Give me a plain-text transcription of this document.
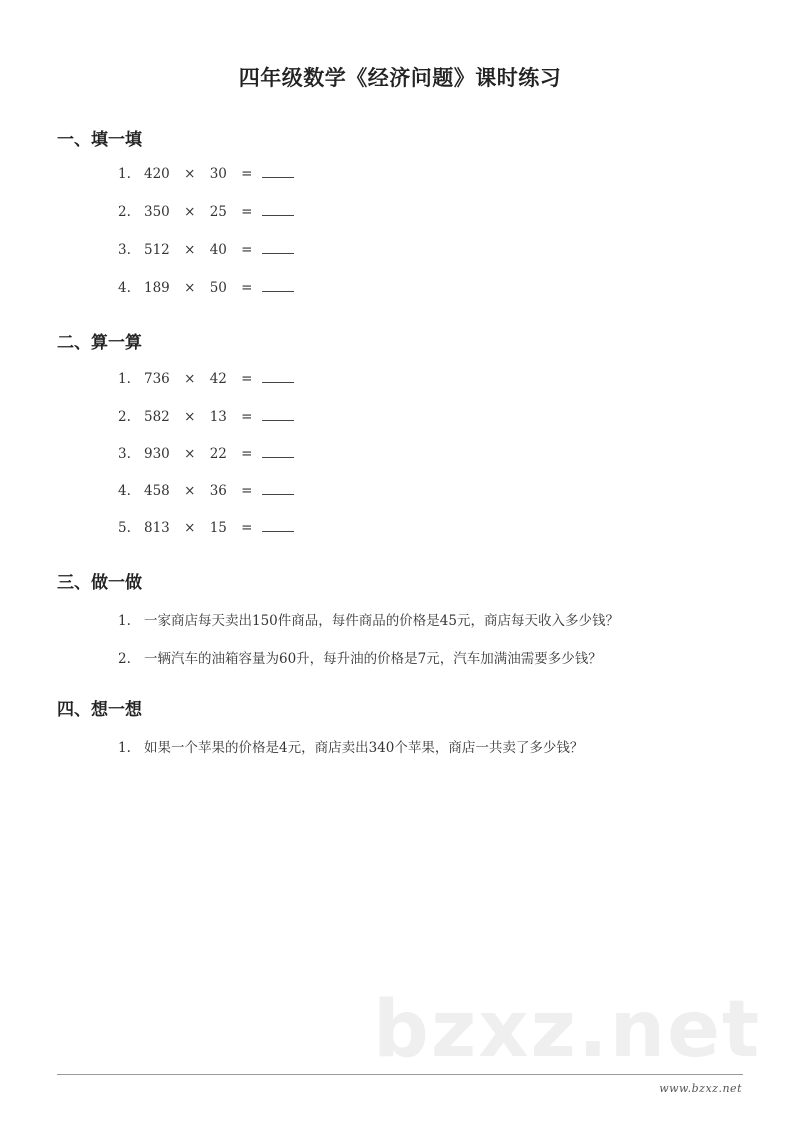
四年级数学《经济问题》课时练习
一、填一填
1. 420 × 30 =
2. 350 × 25 =
3. 512 × 40 =
4. 189 × 50 =
二、算一算
1. 736 × 42 =
2. 582 × 13 =
3. 930 × 22 =
4. 458 × 36 =
5. 813 × 15 =
三、做一做
1. 一家商店每天卖出150件商品，每件商品的价格是45元，商店每天收入多少钱？
2. 一辆汽车的油箱容量为60升，每升油的价格是7元，汽车加满油需要多少钱？
四、想一想
1. 如果一个苹果的价格是4元，商店卖出340个苹果，商店一共卖了多少钱？
bzxz.net
www.bzxz.net
